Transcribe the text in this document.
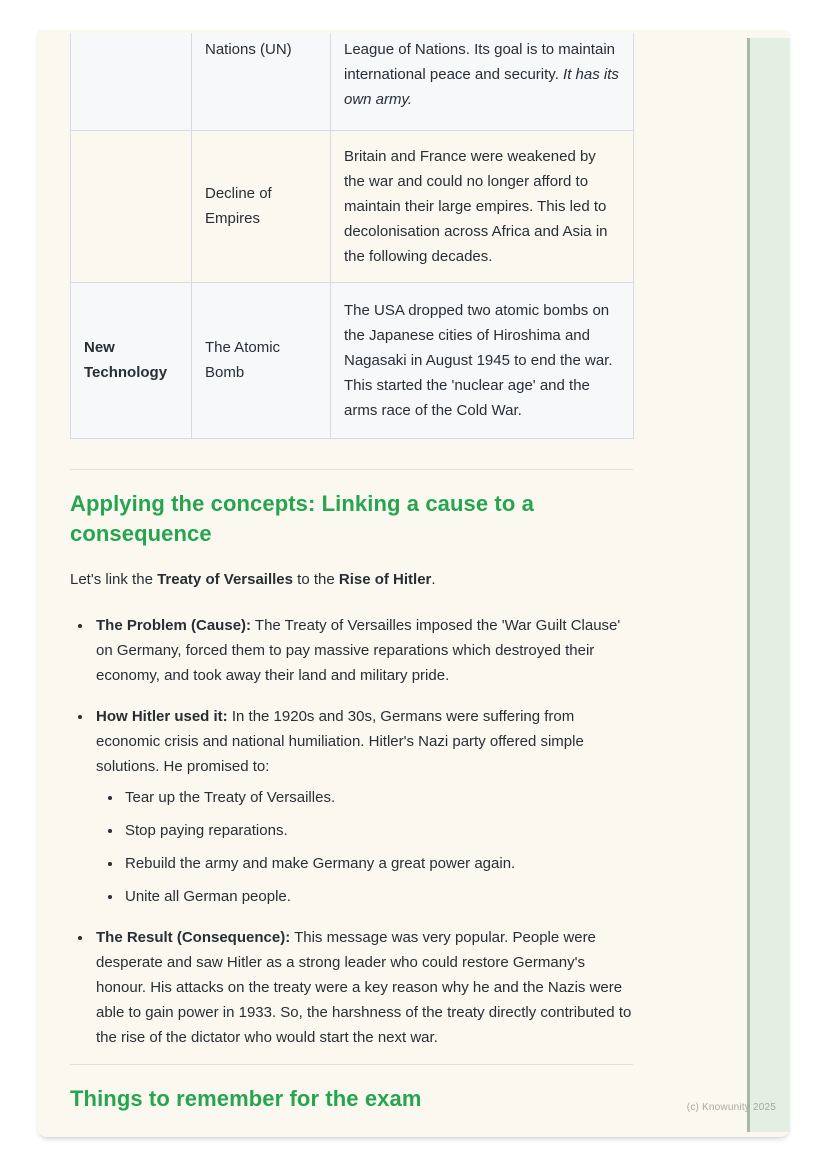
	Nations (UN)	League of Nations. Its goal is to maintain international peace and security. It has its own army.
	Decline of Empires	Britain and France were weakened by the war and could no longer afford to maintain their large empires. This led to decolonisation across Africa and Asia in the following decades.
New Technology	The Atomic Bomb	The USA dropped two atomic bombs on the Japanese cities of Hiroshima and Nagasaki in August 1945 to end the war. This started the 'nuclear age' and the arms race of the Cold War.
Applying the concepts: Linking a cause to a consequence

Let's link the Treaty of Versailles to the Rise of Hitler.

• The Problem (Cause): The Treaty of Versailles imposed the 'War Guilt Clause' on Germany, forced them to pay massive reparations which destroyed their economy, and took away their land and military pride.
• How Hitler used it: In the 1920s and 30s, Germans were suffering from economic crisis and national humiliation. Hitler's Nazi party offered simple solutions. He promised to:
• Tear up the Treaty of Versailles.
• Stop paying reparations.
• Rebuild the army and make Germany a great power again.
• Unite all German people.
• The Result (Consequence): This message was very popular. People were desperate and saw Hitler as a strong leader who could restore Germany's honour. His attacks on the treaty were a key reason why he and the Nazis were able to gain power in 1933. So, the harshness of the treaty directly contributed to the rise of the dictator who would start the next war.
Things to remember for the exam	(c) Knowunity 2025
